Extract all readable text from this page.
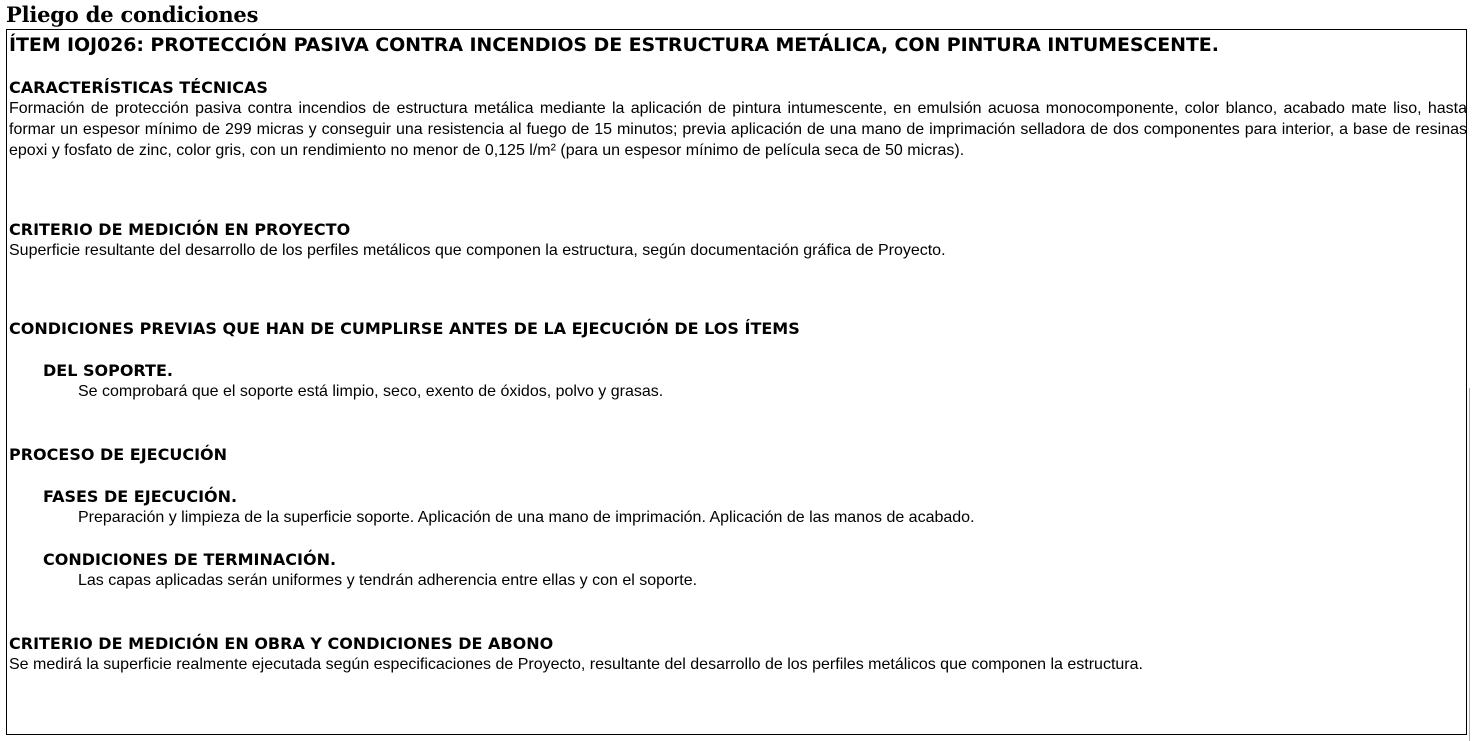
Pliego de condiciones
ÍTEM IOJ026: PROTECCIÓN PASIVA CONTRA INCENDIOS DE ESTRUCTURA METÁLICA, CON PINTURA INTUMESCENTE.
CARACTERÍSTICAS TÉCNICAS
Formación de protección pasiva contra incendios de estructura metálica mediante la aplicación de pintura intumescente, en emulsión acuosa monocomponente, color blanco, acabado mate liso, hasta formar un espesor mínimo de 299 micras y conseguir una resistencia al fuego de 15 minutos; previa aplicación de una mano de imprimación selladora de dos componentes para interior, a base de resinas epoxi y fosfato de zinc, color gris, con un rendimiento no menor de 0,125 l/m² (para un espesor mínimo de película seca de 50 micras).
CRITERIO DE MEDICIÓN EN PROYECTO
Superficie resultante del desarrollo de los perfiles metálicos que componen la estructura, según documentación gráfica de Proyecto.
CONDICIONES PREVIAS QUE HAN DE CUMPLIRSE ANTES DE LA EJECUCIÓN DE LOS ÍTEMS
DEL SOPORTE.
Se comprobará que el soporte está limpio, seco, exento de óxidos, polvo y grasas.
PROCESO DE EJECUCIÓN
FASES DE EJECUCIÓN.
Preparación y limpieza de la superficie soporte. Aplicación de una mano de imprimación. Aplicación de las manos de acabado.
CONDICIONES DE TERMINACIÓN.
Las capas aplicadas serán uniformes y tendrán adherencia entre ellas y con el soporte.
CRITERIO DE MEDICIÓN EN OBRA Y CONDICIONES DE ABONO
Se medirá la superficie realmente ejecutada según especificaciones de Proyecto, resultante del desarrollo de los perfiles metálicos que componen la estructura.
